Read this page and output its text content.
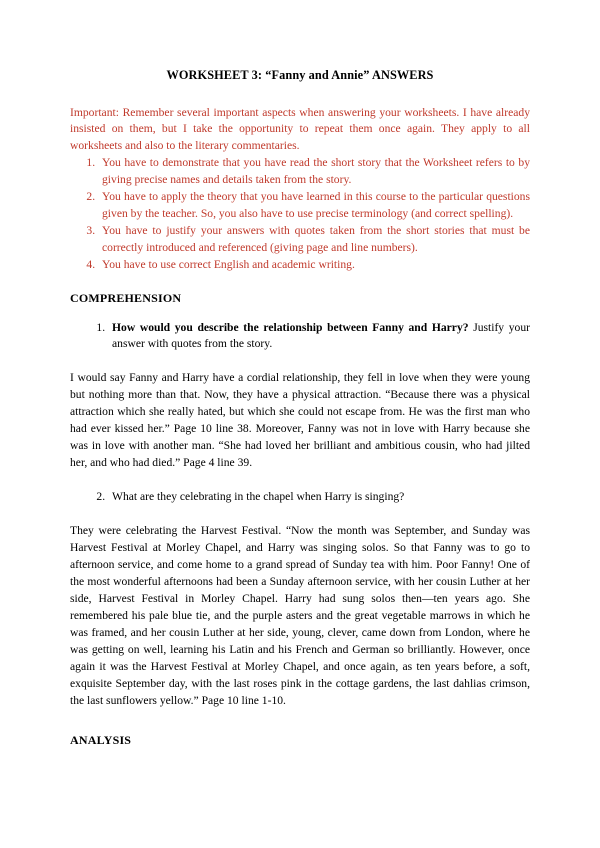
WORKSHEET 3: “Fanny and Annie” ANSWERS
Important: Remember several important aspects when answering your worksheets. I have already insisted on them, but I take the opportunity to repeat them once again. They apply to all worksheets and also to the literary commentaries.
1. You have to demonstrate that you have read the short story that the Worksheet refers to by giving precise names and details taken from the story.
2. You have to apply the theory that you have learned in this course to the particular questions given by the teacher. So, you also have to use precise terminology (and correct spelling).
3. You have to justify your answers with quotes taken from the short stories that must be correctly introduced and referenced (giving page and line numbers).
4. You have to use correct English and academic writing.
COMPREHENSION
1. How would you describe the relationship between Fanny and Harry? Justify your answer with quotes from the story.

I would say Fanny and Harry have a cordial relationship, they fell in love when they were young but nothing more than that. Now, they have a physical attraction. “Because there was a physical attraction which she really hated, but which she could not escape from. He was the first man who had ever kissed her.” Page 10 line 38. Moreover, Fanny was not in love with Harry because she was in love with another man. “She had loved her brilliant and ambitious cousin, who had jilted her, and who had died.” Page 4 line 39.

2. What are they celebrating in the chapel when Harry is singing?

They were celebrating the Harvest Festival. “Now the month was September, and Sunday was Harvest Festival at Morley Chapel, and Harry was singing solos. So that Fanny was to go to afternoon service, and come home to a grand spread of Sunday tea with him. Poor Fanny! One of the most wonderful afternoons had been a Sunday afternoon service, with her cousin Luther at her side, Harvest Festival in Morley Chapel. Harry had sung solos then—ten years ago. She remembered his pale blue tie, and the purple asters and the great vegetable marrows in which he was framed, and her cousin Luther at her side, young, clever, came down from London, where he was getting on well, learning his Latin and his French and German so brilliantly. However, once again it was the Harvest Festival at Morley Chapel, and once again, as ten years before, a soft, exquisite September day, with the last roses pink in the cottage gardens, the last dahlias crimson, the last sunflowers yellow.” Page 10 line 1-10.

ANALYSIS
